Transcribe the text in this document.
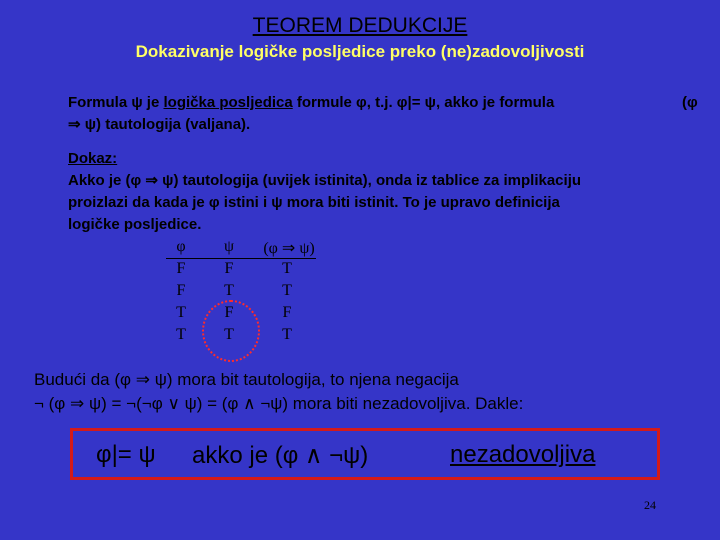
TEOREM DEDUKCIJE
Dokazivanje logičke posljedice preko (ne)zadovoljivosti
Formula ψ je logička posljedica formule φ, t.j. φ|= ψ, akko je formula	(φ
⇒ ψ) tautologija (valjana).
Dokaz:
Akko je (φ ⇒ ψ) tautologija (uvijek istinita), onda iz tablice za implikaciju
proizlazi da kada je φ istini i ψ mora biti istinit. To je upravo definicija
logičke posljedice.
φ	ψ	(φ ⇒ ψ)
F	F	T
F	T	T
T	F	F
T	T	T
Budući da (φ ⇒ ψ) mora bit tautologija, to njena negacija
¬ (φ ⇒ ψ) = ¬(¬φ ∨ ψ) = (φ ∧ ¬ψ) mora biti nezadovoljiva. Dakle:
φ|= ψ akko je (φ ∧ ¬ψ)	nezadovoljiva
24
